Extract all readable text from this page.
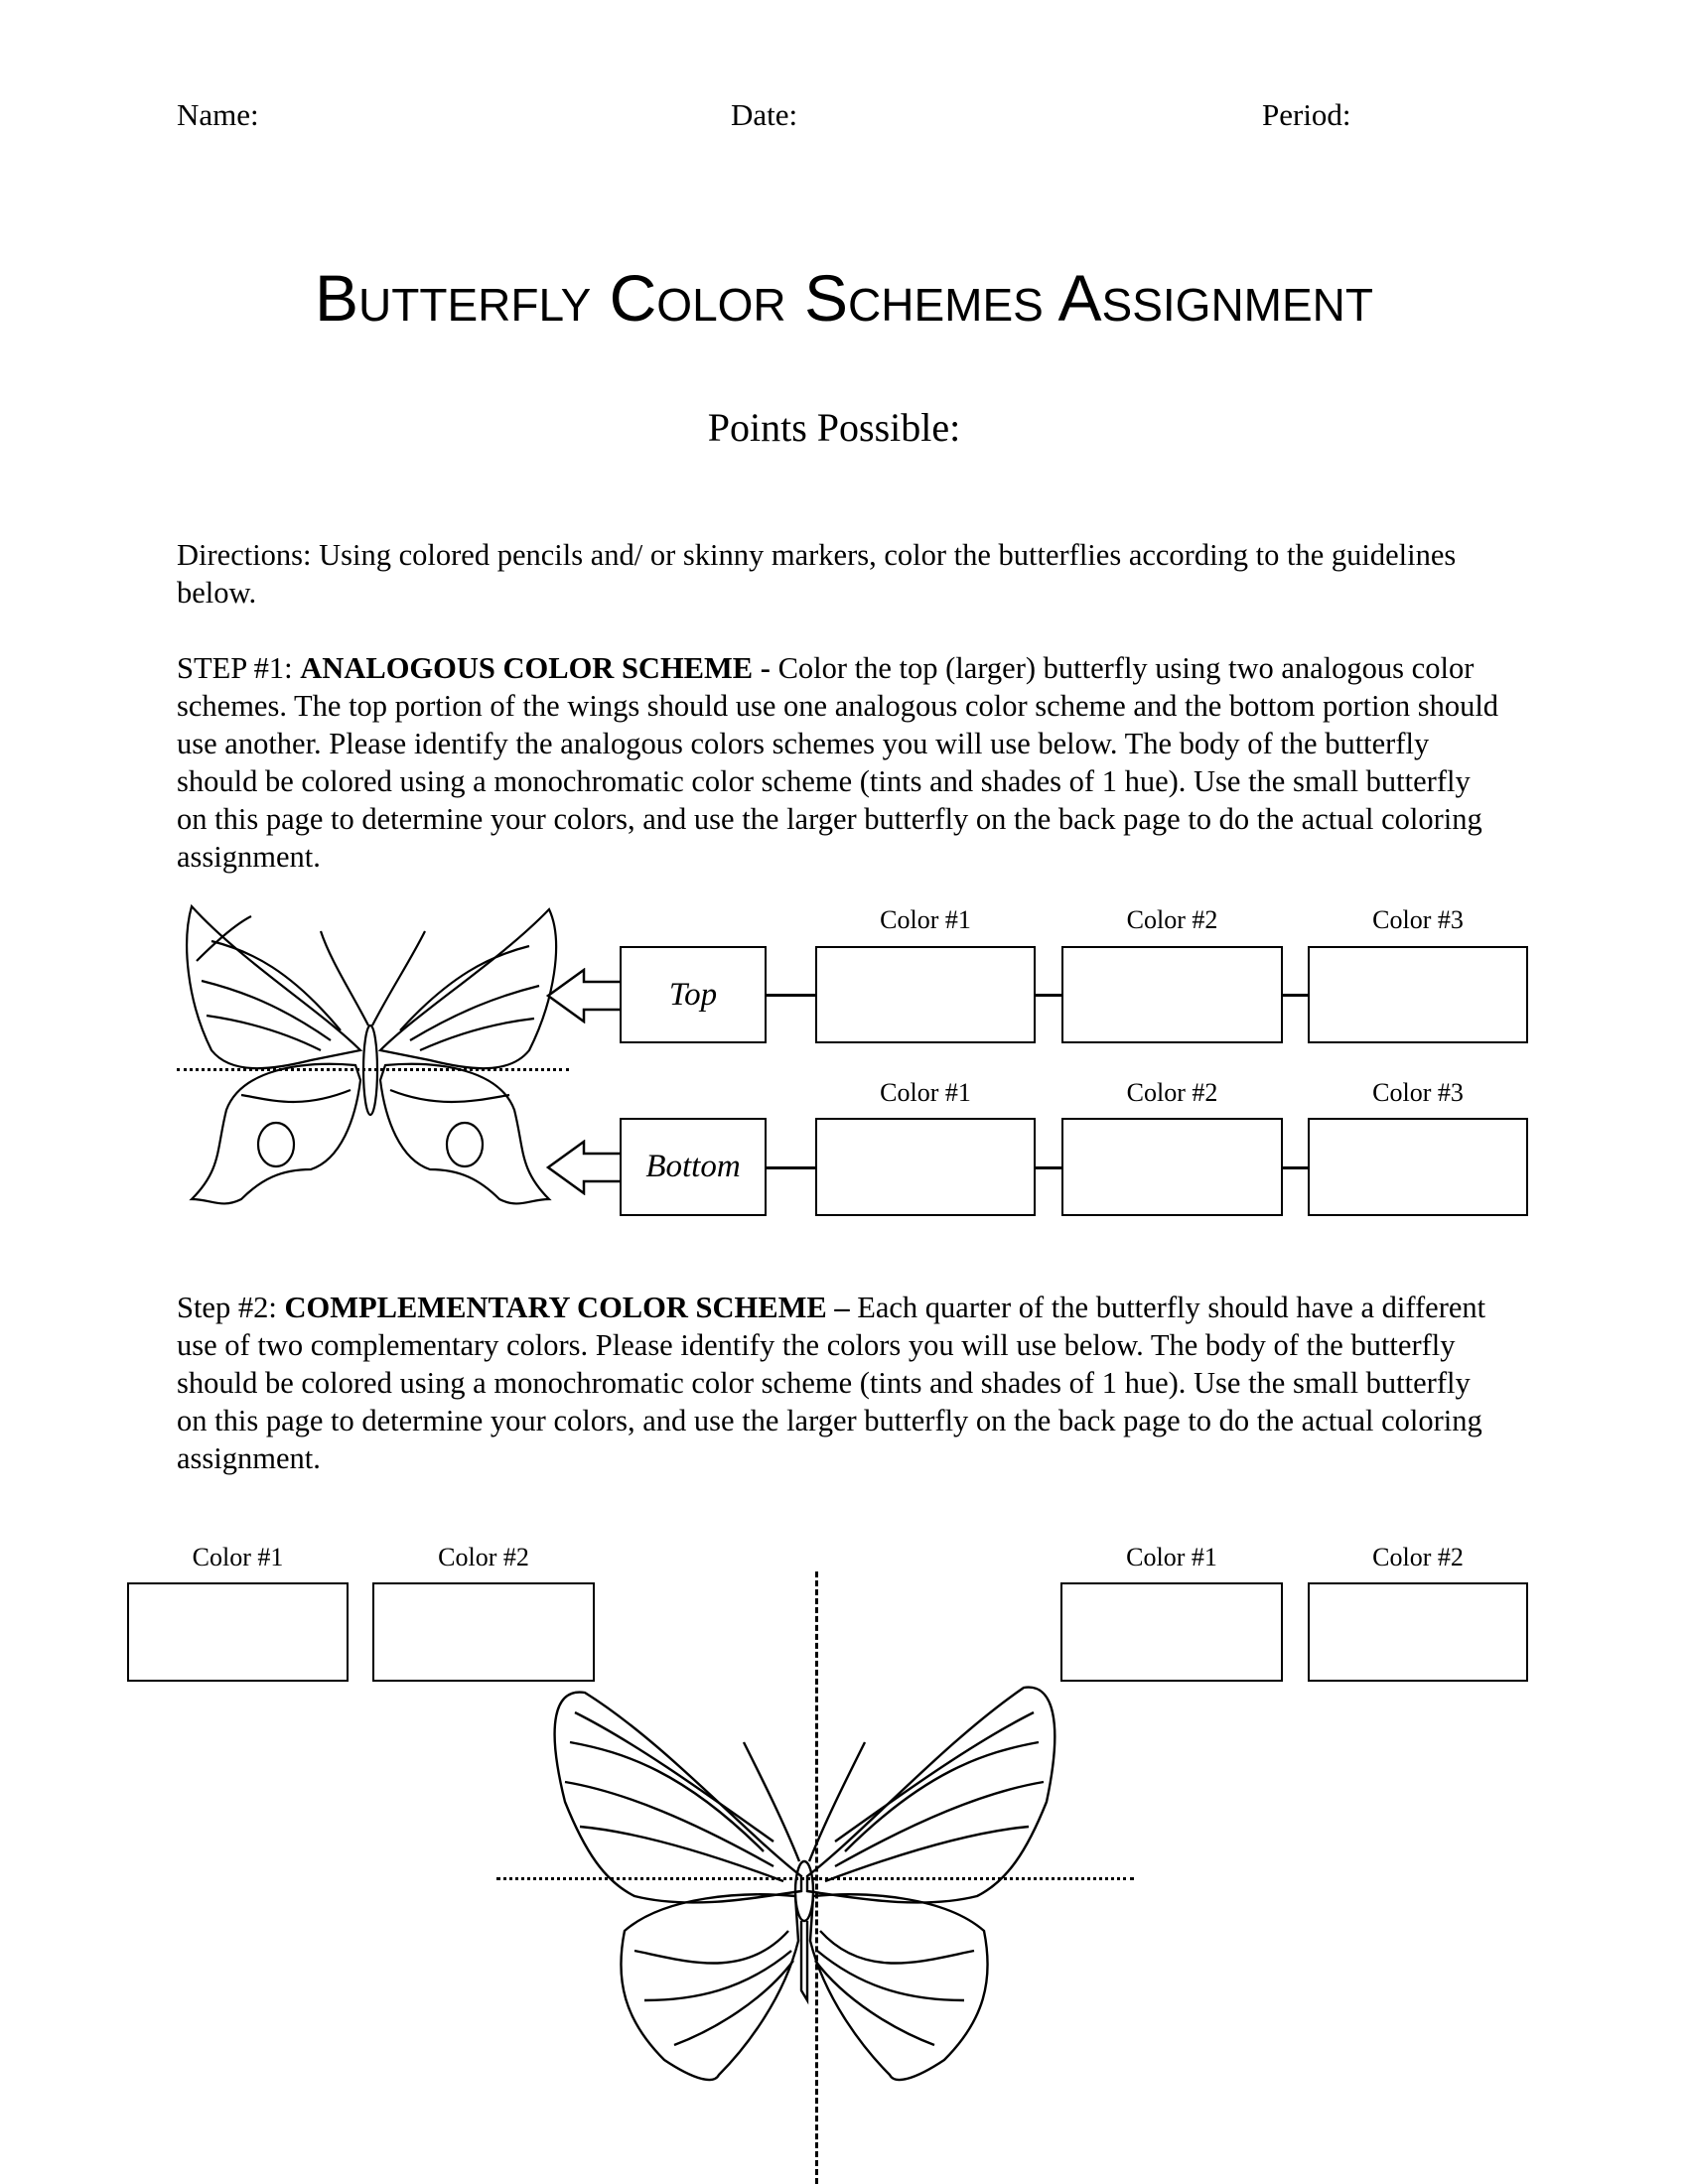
Name:	Date:	Period:
Butterfly Color Schemes Assignment
Points Possible:
Directions: Using colored pencils and/ or skinny markers, color the butterflies according to the guidelines below.
STEP #1: ANALOGOUS COLOR SCHEME - Color the top (larger) butterfly using two analogous color schemes. The top portion of the wings should use one analogous color scheme and the bottom portion should use another. Please identify the analogous colors schemes you will use below. The body of the butterfly should be colored using a monochromatic color scheme (tints and shades of 1 hue). Use the small butterfly on this page to determine your colors, and use the larger butterfly on the back page to do the actual coloring assignment.
Top
Color #1	Color #2	Color #3
Bottom
Color #1	Color #2	Color #3
Step #2: COMPLEMENTARY COLOR SCHEME – Each quarter of the butterfly should have a different use of two complementary colors. Please identify the colors you will use below. The body of the butterfly should be colored using a monochromatic color scheme (tints and shades of 1 hue). Use the small butterfly on this page to determine your colors, and use the larger butterfly on the back page to do the actual coloring assignment.
Color #1	Color #2	Color #1	Color #2
